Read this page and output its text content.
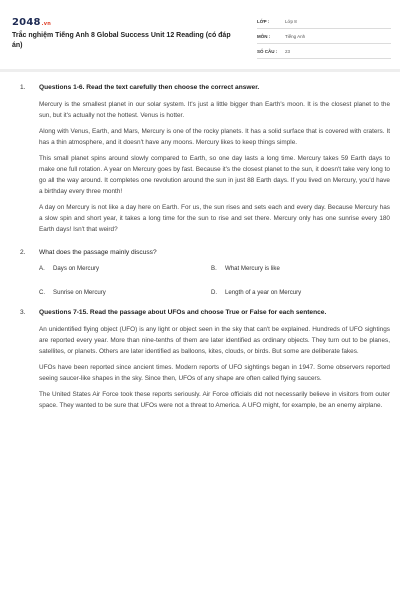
2048.vn
Trắc nghiệm Tiếng Anh 8 Global Success Unit 12 Reading (có đáp án)
LỚP :	Lớp 8
MÔN :	Tiếng Anh
SỐ CÂU :	23
1.	Questions 1-6. Read the text carefully then choose the correct answer.

Mercury is the smallest planet in our solar system. It's just a little bigger than Earth's moon. It is the closest planet to the sun, but it's actually not the hottest. Venus is hotter.

Along with Venus, Earth, and Mars, Mercury is one of the rocky planets. It has a solid surface that is covered with craters. It has a thin atmosphere, and it doesn't have any moons. Mercury likes to keep things simple.

This small planet spins around slowly compared to Earth, so one day lasts a long time. Mercury takes 59 Earth days to make one full rotation. A year on Mercury goes by fast. Because it's the closest planet to the sun, it doesn't take very long to go all the way around. It completes one revolution around the sun in just 88 Earth days. If you lived on Mercury, you'd have a birthday every three month!

A day on Mercury is not like a day here on Earth. For us, the sun rises and sets each and every day. Because Mercury has a slow spin and short year, it takes a long time for the sun to rise and set there. Mercury only has one sunrise every 180 Earth days! Isn't that weird?

2.	What does the passage mainly discuss?
A. Days on Mercury	B. What Mercury is like
C. Sunrise on Mercury	D. Length of a year on Mercury
3.	Questions 7-15. Read the passage about UFOs and choose True or False for each sentence.

An unidentified flying object (UFO) is any light or object seen in the sky that can't be explained. Hundreds of UFO sightings are reported every year. More than nine-tenths of them are later identified as ordinary objects. They turn out to be planes, satellites, or planets. Others are later identified as balloons, kites, clouds, or birds. But some are deliberate fakes.

UFOs have been reported since ancient times. Modern reports of UFO sightings began in 1947. Some observers reported seeing saucer-like shapes in the sky. Since then, UFOs of any shape are often called flying saucers.

The United States Air Force took these reports seriously. Air Force officials did not necessarily believe in visitors from outer space. They wanted to be sure that UFOs were not a threat to America. A UFO might, for example, be an enemy airplane.
